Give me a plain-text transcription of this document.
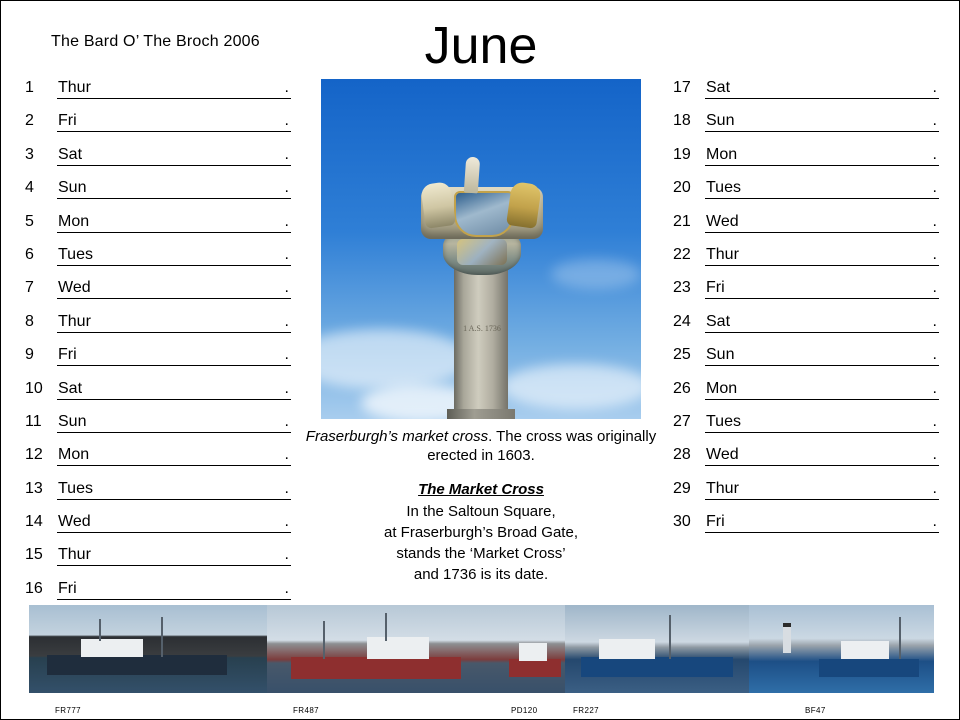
The Bard O’ The Broch 2006	June
1	Thur	.
2	Fri	.
3	Sat	.
4	Sun	.
5	Mon	.
6	Tues	.
7	Wed	.
8	Thur	.
9	Fri	.
10 Sat	.
11	Sun	.
12 Mon	.
13 Tues	.
14 Wed	.
15 Thur	.
16 Fri	.
17 Sat	.
18 Sun	.
19 Mon	.
20 Tues	.
21 Wed	.
22 Thur	.
23 Fri	.
24 Sat	.
25 Sun	.
26 Mon	.
27 Tues	.
28 Wed	.
29 Thur	.
30 Fri	.
1 A.S. 1736
Fraserburgh’s market cross. The cross was originally erected in 1603.
The Market Cross
In the Saltoun Square,
at Fraserburgh’s Broad Gate,
stands the ‘Market Cross’
and 1736 is its date.
FR777	FR487	PD120	FR227	BF47
